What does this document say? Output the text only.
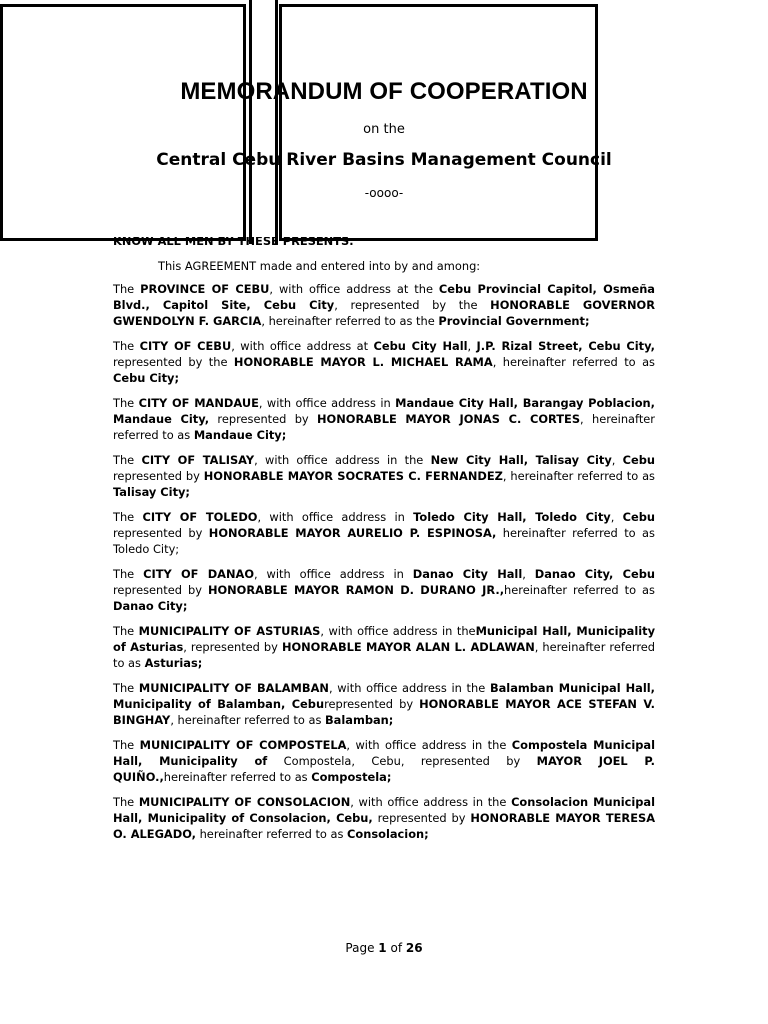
MEMORANDUM OF COOPERATION
on the
Central Cebu River Basins Management Council
-oooo-
KNOW ALL MEN BY THESE PRESENTS:
This AGREEMENT made and entered into by and among:

The PROVINCE OF CEBU, with office address at the Cebu Provincial Capitol, Osmeña Blvd., Capitol Site, Cebu City, represented by the HONORABLE GOVERNOR GWENDOLYN F. GARCIA, hereinafter referred to as the Provincial Government;

The CITY OF CEBU, with office address at Cebu City Hall, J.P. Rizal Street, Cebu City, represented by the HONORABLE MAYOR L. MICHAEL RAMA, hereinafter referred to as Cebu City;

The CITY OF MANDAUE, with office address in Mandaue City Hall, Barangay Poblacion, Mandaue City, represented by HONORABLE MAYOR JONAS C. CORTES, hereinafter referred to as Mandaue City;

The CITY OF TALISAY, with office address in the New City Hall, Talisay City, Cebu represented by HONORABLE MAYOR SOCRATES C. FERNANDEZ, hereinafter referred to as Talisay City;

The CITY OF TOLEDO, with office address in Toledo City Hall, Toledo City, Cebu represented by HONORABLE MAYOR AURELIO P. ESPINOSA, hereinafter referred to as Toledo City;

The CITY OF DANAO, with office address in Danao City Hall, Danao City, Cebu represented by HONORABLE MAYOR RAMON D. DURANO JR.,hereinafter referred to as Danao City;

The MUNICIPALITY OF ASTURIAS, with office address in theMunicipal Hall, Municipality of Asturias, represented by HONORABLE MAYOR ALAN L. ADLAWAN, hereinafter referred to as Asturias;

The MUNICIPALITY OF BALAMBAN, with office address in the Balamban Municipal Hall, Municipality of Balamban, Ceburepresented by HONORABLE MAYOR ACE STEFAN V. BINGHAY, hereinafter referred to as Balamban;

The MUNICIPALITY OF COMPOSTELA, with office address in the Compostela Municipal Hall, Municipality of Compostela, Cebu, represented by MAYOR JOEL P. QUIÑO.,hereinafter referred to as Compostela;

The MUNICIPALITY OF CONSOLACION, with office address in the Consolacion Municipal Hall, Municipality of Consolacion, Cebu, represented by HONORABLE MAYOR TERESA O. ALEGADO, hereinafter referred to as Consolacion;

Page 1 of 26
